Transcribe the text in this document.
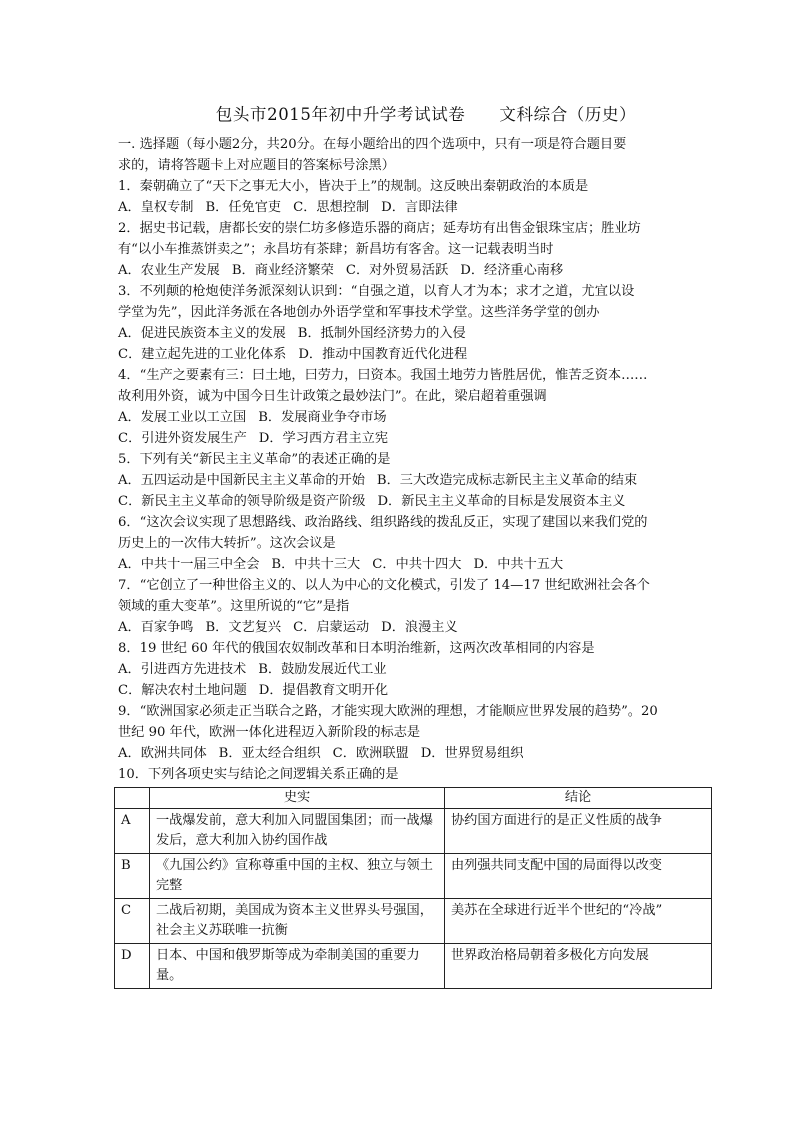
包头市2015年初中升学考试试卷 文科综合（历史）
一. 选择题（每小题2分，共20分。在每小题给出的四个选项中，只有一项是符合题目要
求的，请将答题卡上对应题目的答案标号涂黑）
1．秦朝确立了“天下之事无大小，皆决于上”的规制。这反映出秦朝政治的本质是
A．皇权专制 B．任免官吏 C．思想控制 D．言即法律
2．据史书记载，唐都长安的崇仁坊多修造乐器的商店；延寿坊有出售金银珠宝店；胜业坊
有“以小车推蒸饼卖之”；永昌坊有茶肆；新昌坊有客舍。这一记载表明当时
A．农业生产发展 B．商业经济繁荣 C．对外贸易活跃 D．经济重心南移
3．不列颠的枪炮使洋务派深刻认识到：“自强之道，以育人才为本；求才之道，尤宜以设
学堂为先”，因此洋务派在各地创办外语学堂和军事技术学堂。这些洋务学堂的创办
A．促进民族资本主义的发展 B．抵制外国经济势力的入侵
C．建立起先进的工业化体系 D．推动中国教育近代化进程
4．“生产之要素有三：曰土地，曰劳力，曰资本。我国土地劳力皆胜居优，惟苦乏资本……
故利用外资，诚为中国今日生计政策之最妙法门”。在此，梁启超着重强调
A．发展工业以工立国 B．发展商业争夺市场
C．引进外资发展生产 D．学习西方君主立宪
5．下列有关“新民主主义革命”的表述正确的是
A．五四运动是中国新民主主义革命的开始 B．三大改造完成标志新民主主义革命的结束
C．新民主主义革命的领导阶级是资产阶级 D．新民主主义革命的目标是发展资本主义
6．“这次会议实现了思想路线、政治路线、组织路线的拨乱反正，实现了建国以来我们党的
历史上的一次伟大转折”。这次会议是
A．中共十一届三中全会 B．中共十三大 C．中共十四大 D．中共十五大
7．“它创立了一种世俗主义的、以人为中心的文化模式，引发了 14—17 世纪欧洲社会各个
领域的重大变革”。这里所说的“它”是指
A．百家争鸣 B．文艺复兴 C．启蒙运动 D．浪漫主义
8．19 世纪 60 年代的俄国农奴制改革和日本明治维新，这两次改革相同的内容是
A．引进西方先进技术 B．鼓励发展近代工业
C．解决农村土地问题 D．提倡教育文明开化
9．“欧洲国家必须走正当联合之路，才能实现大欧洲的理想，才能顺应世界发展的趋势”。20
世纪 90 年代，欧洲一体化进程迈入新阶段的标志是
A．欧洲共同体 B．亚太经合组织 C．欧洲联盟 D．世界贸易组织
10．下列各项史实与结论之间逻辑关系正确的是
	史实	结论
A	一战爆发前，意大利加入同盟国集团；而一战爆发后，意大利加入协约国作战	协约国方面进行的是正义性质的战争
B	《九国公约》宣称尊重中国的主权、独立与领土完整	由列强共同支配中国的局面得以改变
C	二战后初期，美国成为资本主义世界头号强国，社会主义苏联唯一抗衡	美苏在全球进行近半个世纪的“冷战”
D	日本、中国和俄罗斯等成为牵制美国的重要力量。	世界政治格局朝着多极化方向发展
